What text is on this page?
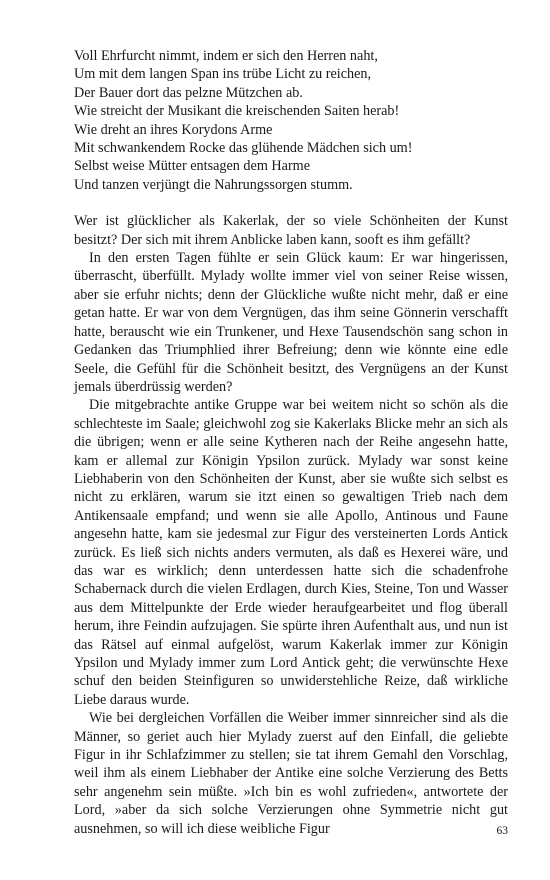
Voll Ehrfurcht nimmt, indem er sich den Herren naht,
Um mit dem langen Span ins trübe Licht zu reichen,
Der Bauer dort das pelzne Mützchen ab.
Wie streicht der Musikant die kreischenden Saiten herab!
Wie dreht an ihres Korydons Arme
Mit schwankendem Rocke das glühende Mädchen sich um!
Selbst weise Mütter entsagen dem Harme
Und tanzen verjüngt die Nahrungssorgen stumm.

Wer ist glücklicher als Kakerlak, der so viele Schönheiten der Kunst besitzt? Der sich mit ihrem Anblicke laben kann, sooft es ihm gefällt?

In den ersten Tagen fühlte er sein Glück kaum: Er war hingerissen, überrascht, überfüllt. Mylady wollte immer viel von seiner Reise wissen, aber sie erfuhr nichts; denn der Glückliche wußte nicht mehr, daß er eine getan hatte. Er war von dem Vergnügen, das ihm seine Gönnerin verschafft hatte, berauscht wie ein Trunkener, und Hexe Tausendschön sang schon in Gedanken das Triumphlied ihrer Befreiung; denn wie könnte eine edle Seele, die Gefühl für die Schönheit besitzt, des Vergnügens an der Kunst jemals überdrüssig werden?

Die mitgebrachte antike Gruppe war bei weitem nicht so schön als die schlechteste im Saale; gleichwohl zog sie Kakerlaks Blicke mehr an sich als die übrigen; wenn er alle seine Kytheren nach der Reihe angesehn hatte, kam er allemal zur Königin Ypsilon zurück. Mylady war sonst keine Liebhaberin von den Schönheiten der Kunst, aber sie wußte sich selbst es nicht zu erklären, warum sie itzt einen so gewaltigen Trieb nach dem Antikensaale empfand; und wenn sie alle Apollo, Antinous und Faune angesehn hatte, kam sie jedesmal zur Figur des versteinerten Lords Antick zurück. Es ließ sich nichts anders vermuten, als daß es Hexerei wäre, und das war es wirklich; denn unterdessen hatte sich die schadenfrohe Schabernack durch die vielen Erdlagen, durch Kies, Steine, Ton und Wasser aus dem Mittelpunkte der Erde wieder heraufgearbeitet und flog überall herum, ihre Feindin aufzujagen. Sie spürte ihren Aufenthalt aus, und nun ist das Rätsel auf einmal aufgelöst, warum Kakerlak immer zur Königin Ypsilon und Mylady immer zum Lord Antick geht; die verwünschte Hexe schuf den beiden Steinfiguren so unwiderstehliche Reize, daß wirkliche Liebe daraus wurde.

Wie bei dergleichen Vorfällen die Weiber immer sinnreicher sind als die Männer, so geriet auch hier Mylady zuerst auf den Einfall, die geliebte Figur in ihr Schlafzimmer zu stellen; sie tat ihrem Gemahl den Vorschlag, weil ihm als einem Liebhaber der Antike eine solche Verzierung des Betts sehr angenehm sein müßte. »Ich bin es wohl zufrieden«, antwortete der Lord, »aber da sich solche Verzierungen ohne Symmetrie nicht gut ausnehmen, so will ich diese weibliche Figur	63
